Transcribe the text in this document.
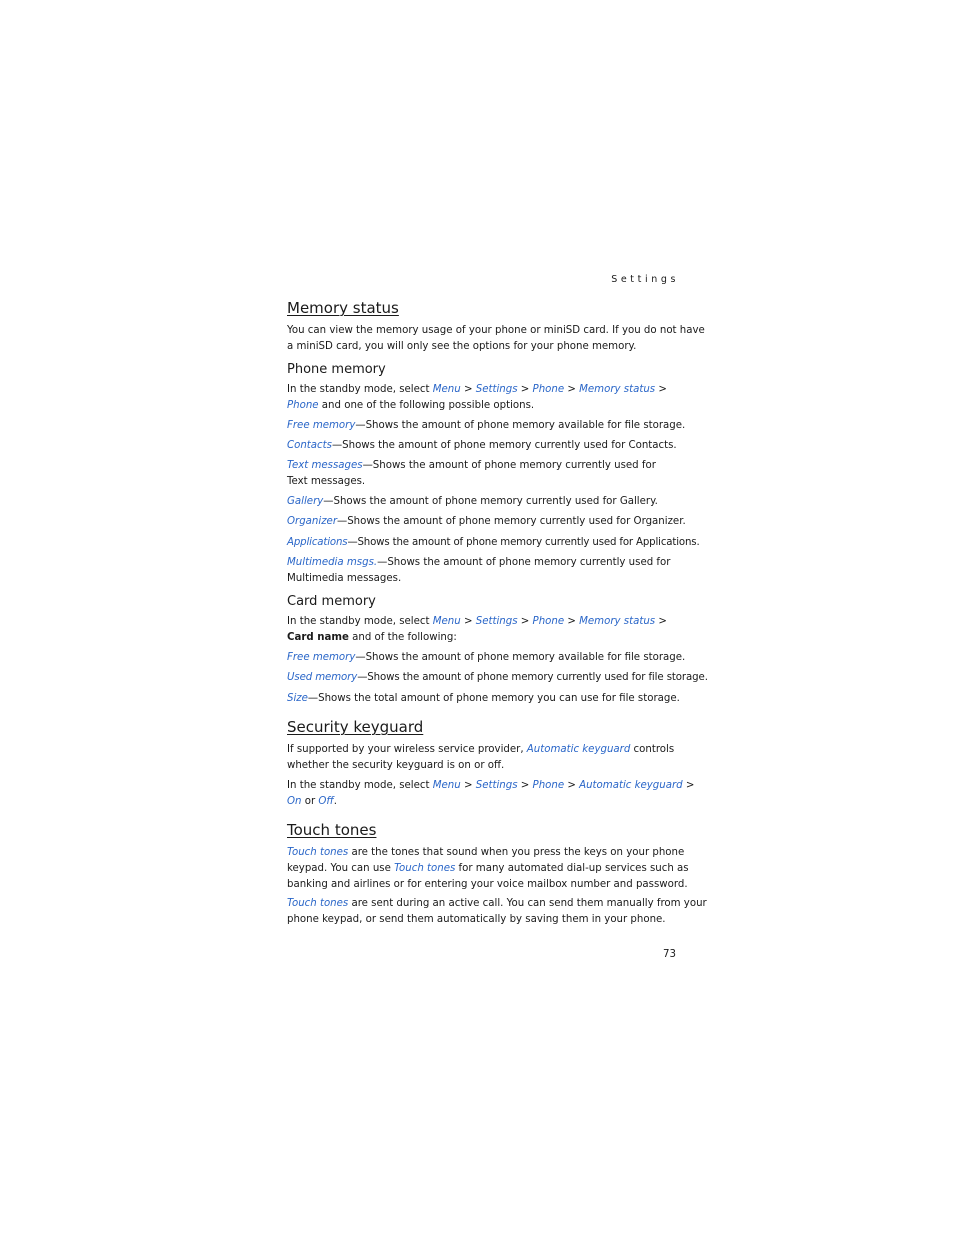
Settings
Memory status

You can view the memory usage of your phone or miniSD card. If you do not have

a miniSD card, you will only see the options for your phone memory.

Phone memory

In the standby mode, select Menu > Settings > Phone > Memory status >

Phone and one of the following possible options.

Free memory—Shows the amount of phone memory available for file storage.

Contacts—Shows the amount of phone memory currently used for Contacts.

Text messages—Shows the amount of phone memory currently used for

Text messages.

Gallery—Shows the amount of phone memory currently used for Gallery.

Organizer—Shows the amount of phone memory currently used for Organizer.

Applications—Shows the amount of phone memory currently used for Applications.

Multimedia msgs.—Shows the amount of phone memory currently used for

Multimedia messages.

Card memory

In the standby mode, select Menu > Settings > Phone > Memory status >

Card name and of the following:

Free memory—Shows the amount of phone memory available for file storage.

Used memory—Shows the amount of phone memory currently used for file storage.

Size—Shows the total amount of phone memory you can use for file storage.

Security keyguard

If supported by your wireless service provider, Automatic keyguard controls

whether the security keyguard is on or off.

In the standby mode, select Menu > Settings > Phone > Automatic keyguard >

On or Off.

Touch tones

Touch tones are the tones that sound when you press the keys on your phone

keypad. You can use Touch tones for many automated dial-up services such as

banking and airlines or for entering your voice mailbox number and password.

Touch tones are sent during an active call. You can send them manually from your

phone keypad, or send them automatically by saving them in your phone.

73
